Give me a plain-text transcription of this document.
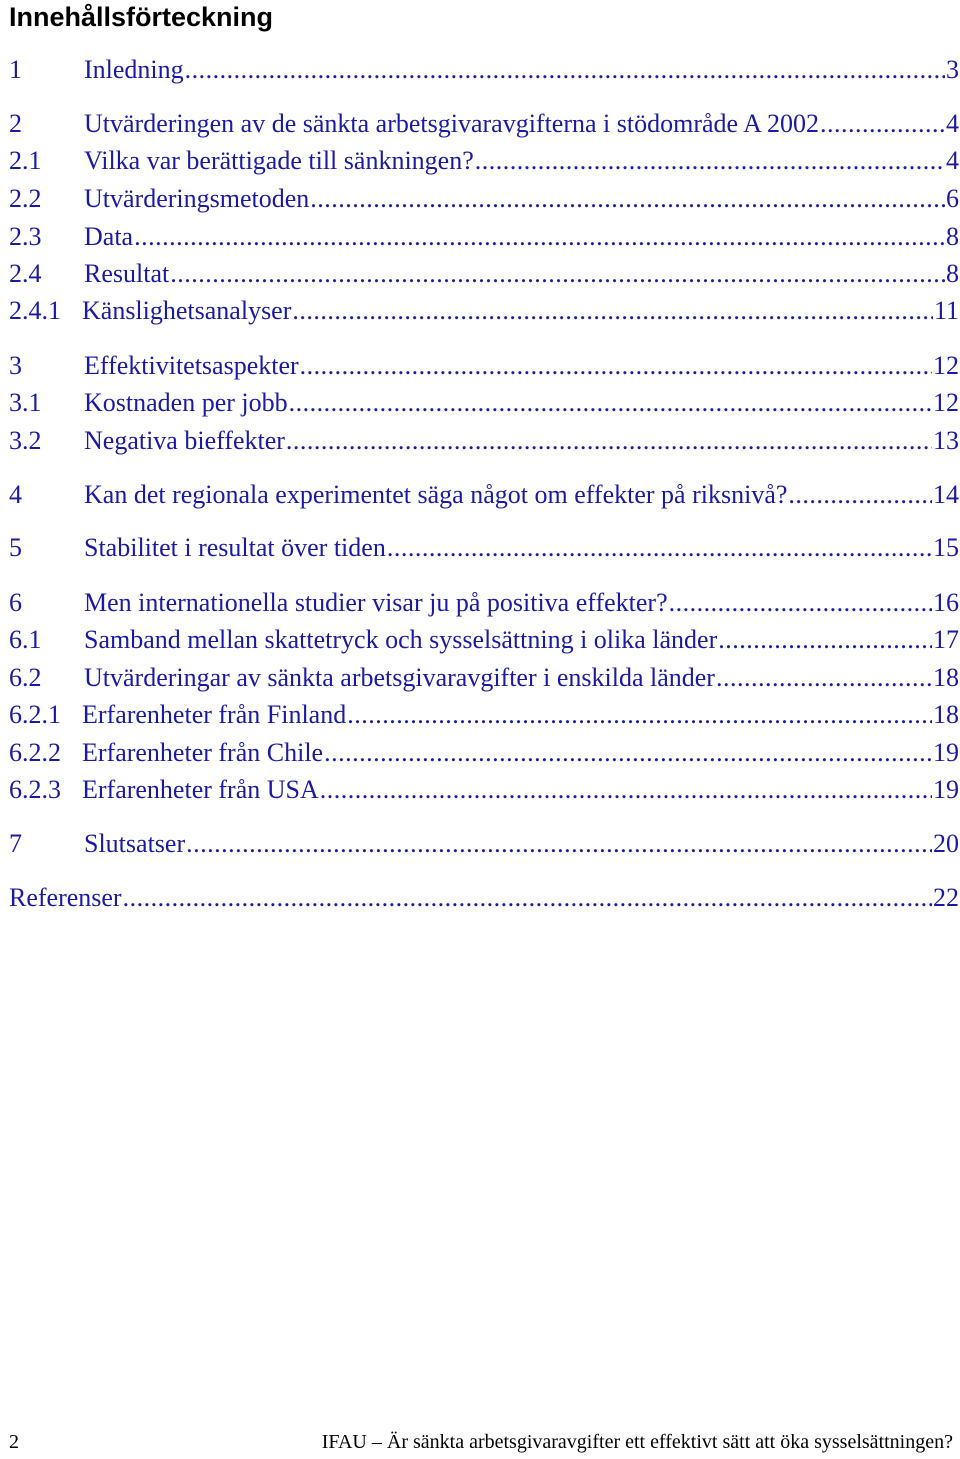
Innehållsförteckning
1 Inledning .....	3
2 Utvärderingen av de sänkta arbetsgivaravgifterna i stödområde A 2002 .....	4
2.1 Vilka var berättigade till sänkningen? .....	4
2.2 Utvärderingsmetoden .....	6
2.3 Data .....	8
2.4 Resultat .....	8
2.4.1 Känslighetsanalyser .....	11
3 Effektivitetsaspekter .....	12
3.1 Kostnaden per jobb .....	12
3.2 Negativa bieffekter .....	13
4 Kan det regionala experimentet säga något om effekter på riksnivå? .....	14
5 Stabilitet i resultat över tiden .....	15
6 Men internationella studier visar ju på positiva effekter? .....	16
6.1 Samband mellan skattetryck och sysselsättning i olika länder .....	17
6.2 Utvärderingar av sänkta arbetsgivaravgifter i enskilda länder .....	18
6.2.1 Erfarenheter från Finland .....	18
6.2.2 Erfarenheter från Chile .....	19
6.2.3 Erfarenheter från USA .....	19
7 Slutsatser .....	20
Referenser .....	22
2	IFAU – Är sänkta arbetsgivaravgifter ett effektivt sätt att öka sysselsättningen?
